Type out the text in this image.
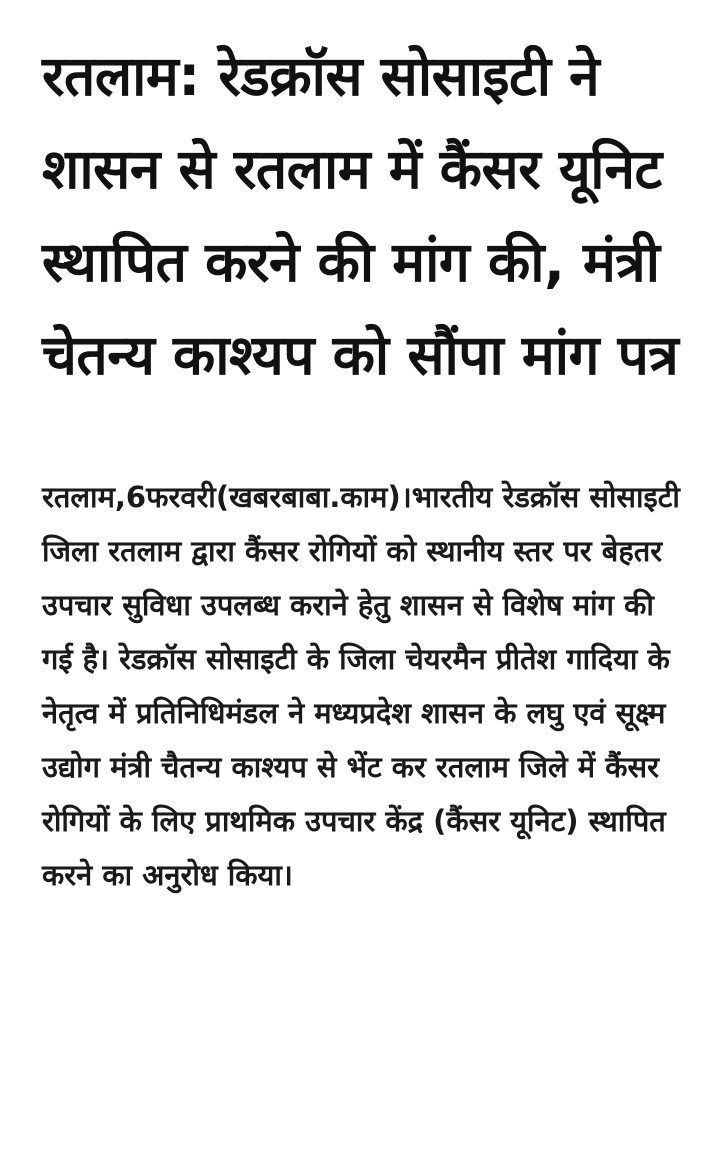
रतलाम: रेडक्रॉस सोसाइटी ने शासन से रतलाम में कैंसर यूनिट स्थापित करने की मांग की, मंत्री चेतन्य काश्यप को सौंपा मांग पत्र

रतलाम,6फरवरी(खबरबाबा.काम)।भारतीय रेडक्रॉस सोसाइटी जिला रतलाम द्वारा कैंसर रोगियों को स्थानीय स्तर पर बेहतर उपचार सुविधा उपलब्ध कराने हेतु शासन से विशेष मांग की गई है। रेडक्रॉस सोसाइटी के जिला चेयरमैन प्रीतेश गादिया के नेतृत्व में प्रतिनिधिमंडल ने मध्यप्रदेश शासन के लघु एवं सूक्ष्म उद्योग मंत्री चैतन्य काश्यप से भेंट कर रतलाम जिले में कैंसर रोगियों के लिए प्राथमिक उपचार केंद्र (कैंसर यूनिट) स्थापित करने का अनुरोध किया।
